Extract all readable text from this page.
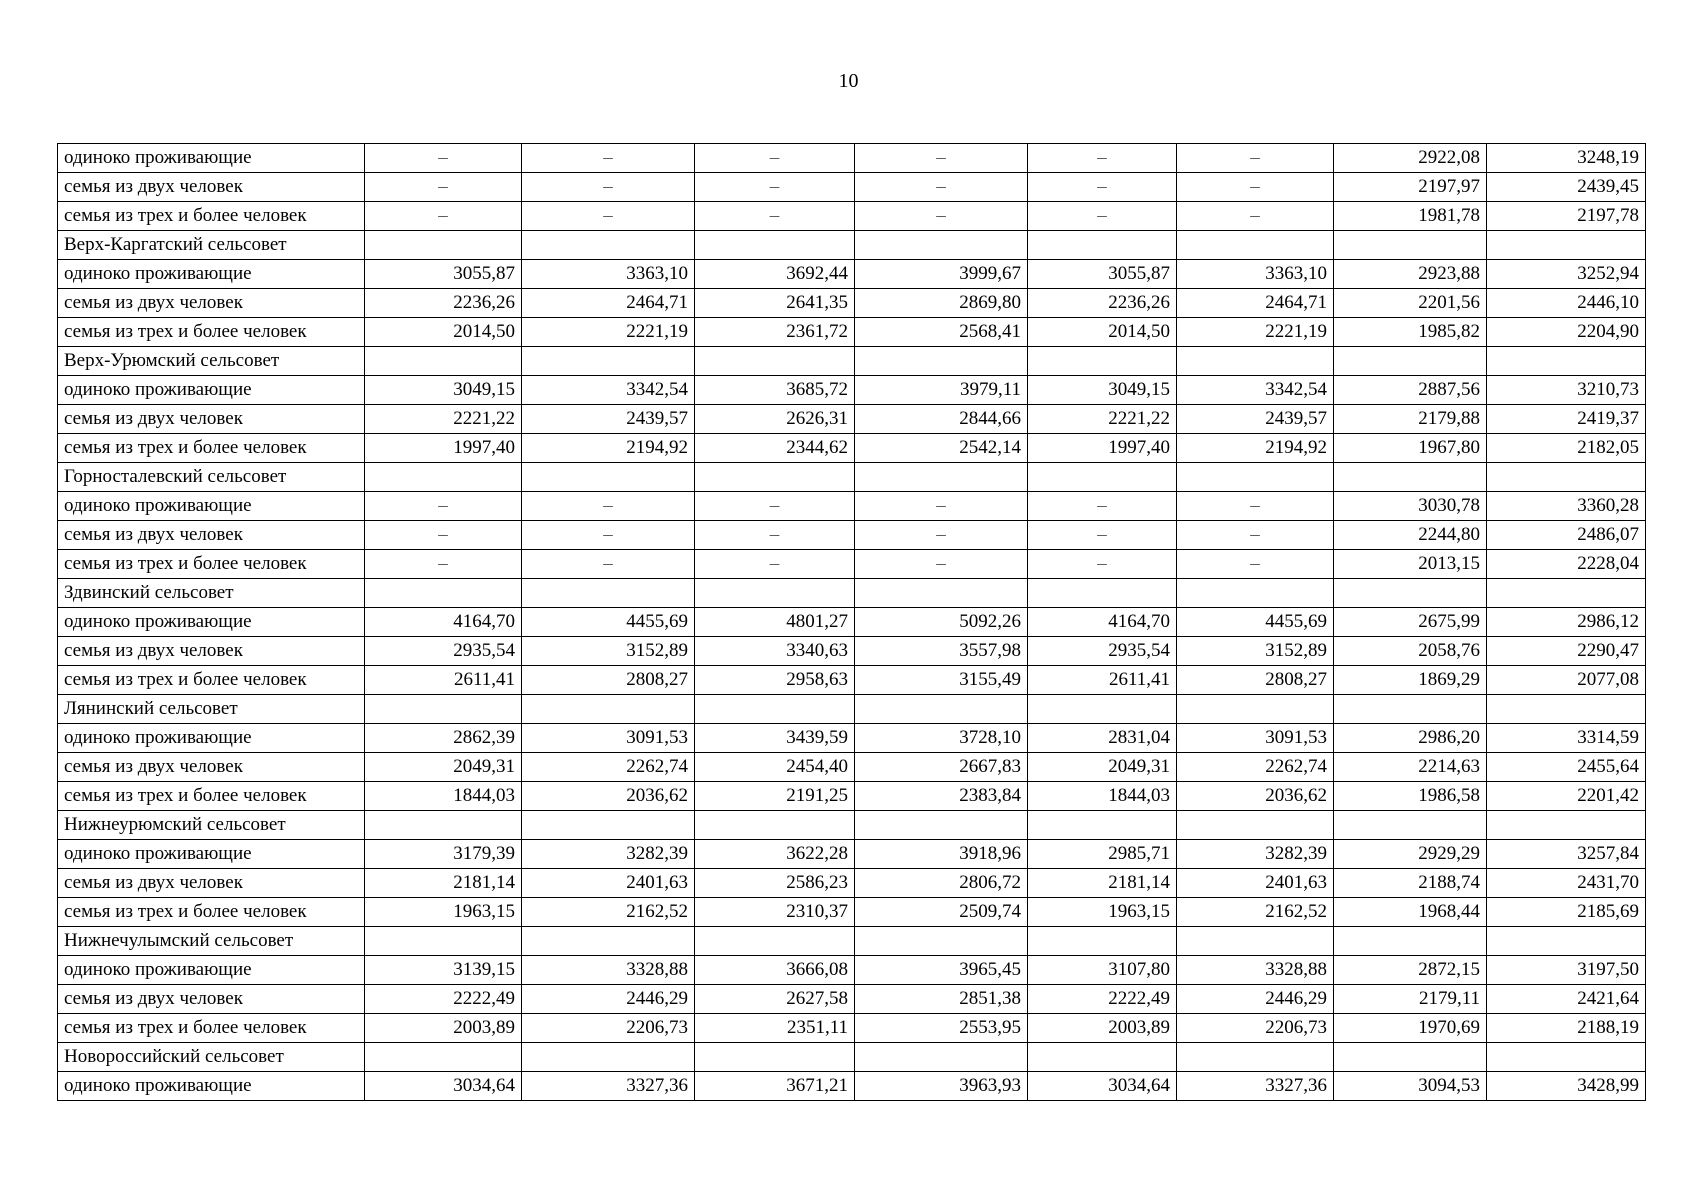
10
одиноко проживающие	–	–	–	–	–	–	2922,08	3248,19
семья из двух человек	–	–	–	–	–	–	2197,97	2439,45
семья из трех и более человек	–	–	–	–	–	–	1981,78	2197,78
Верх-Каргатский сельсовет								
одиноко проживающие	3055,87	3363,10	3692,44	3999,67	3055,87	3363,10	2923,88	3252,94
семья из двух человек	2236,26	2464,71	2641,35	2869,80	2236,26	2464,71	2201,56	2446,10
семья из трех и более человек	2014,50	2221,19	2361,72	2568,41	2014,50	2221,19	1985,82	2204,90
Верх-Урюмский сельсовет								
одиноко проживающие	3049,15	3342,54	3685,72	3979,11	3049,15	3342,54	2887,56	3210,73
семья из двух человек	2221,22	2439,57	2626,31	2844,66	2221,22	2439,57	2179,88	2419,37
семья из трех и более человек	1997,40	2194,92	2344,62	2542,14	1997,40	2194,92	1967,80	2182,05
Горносталевский сельсовет								
одиноко проживающие	–	–	–	–	–	–	3030,78	3360,28
семья из двух человек	–	–	–	–	–	–	2244,80	2486,07
семья из трех и более человек	–	–	–	–	–	–	2013,15	2228,04
Здвинский сельсовет								
одиноко проживающие	4164,70	4455,69	4801,27	5092,26	4164,70	4455,69	2675,99	2986,12
семья из двух человек	2935,54	3152,89	3340,63	3557,98	2935,54	3152,89	2058,76	2290,47
семья из трех и более человек	2611,41	2808,27	2958,63	3155,49	2611,41	2808,27	1869,29	2077,08
Лянинский сельсовет								
одиноко проживающие	2862,39	3091,53	3439,59	3728,10	2831,04	3091,53	2986,20	3314,59
семья из двух человек	2049,31	2262,74	2454,40	2667,83	2049,31	2262,74	2214,63	2455,64
семья из трех и более человек	1844,03	2036,62	2191,25	2383,84	1844,03	2036,62	1986,58	2201,42
Нижнеурюмский сельсовет								
одиноко проживающие	3179,39	3282,39	3622,28	3918,96	2985,71	3282,39	2929,29	3257,84
семья из двух человек	2181,14	2401,63	2586,23	2806,72	2181,14	2401,63	2188,74	2431,70
семья из трех и более человек	1963,15	2162,52	2310,37	2509,74	1963,15	2162,52	1968,44	2185,69
Нижнечулымский сельсовет								
одиноко проживающие	3139,15	3328,88	3666,08	3965,45	3107,80	3328,88	2872,15	3197,50
семья из двух человек	2222,49	2446,29	2627,58	2851,38	2222,49	2446,29	2179,11	2421,64
семья из трех и более человек	2003,89	2206,73	2351,11	2553,95	2003,89	2206,73	1970,69	2188,19
Новороссийский сельсовет								
одиноко проживающие	3034,64	3327,36	3671,21	3963,93	3034,64	3327,36	3094,53	3428,99
